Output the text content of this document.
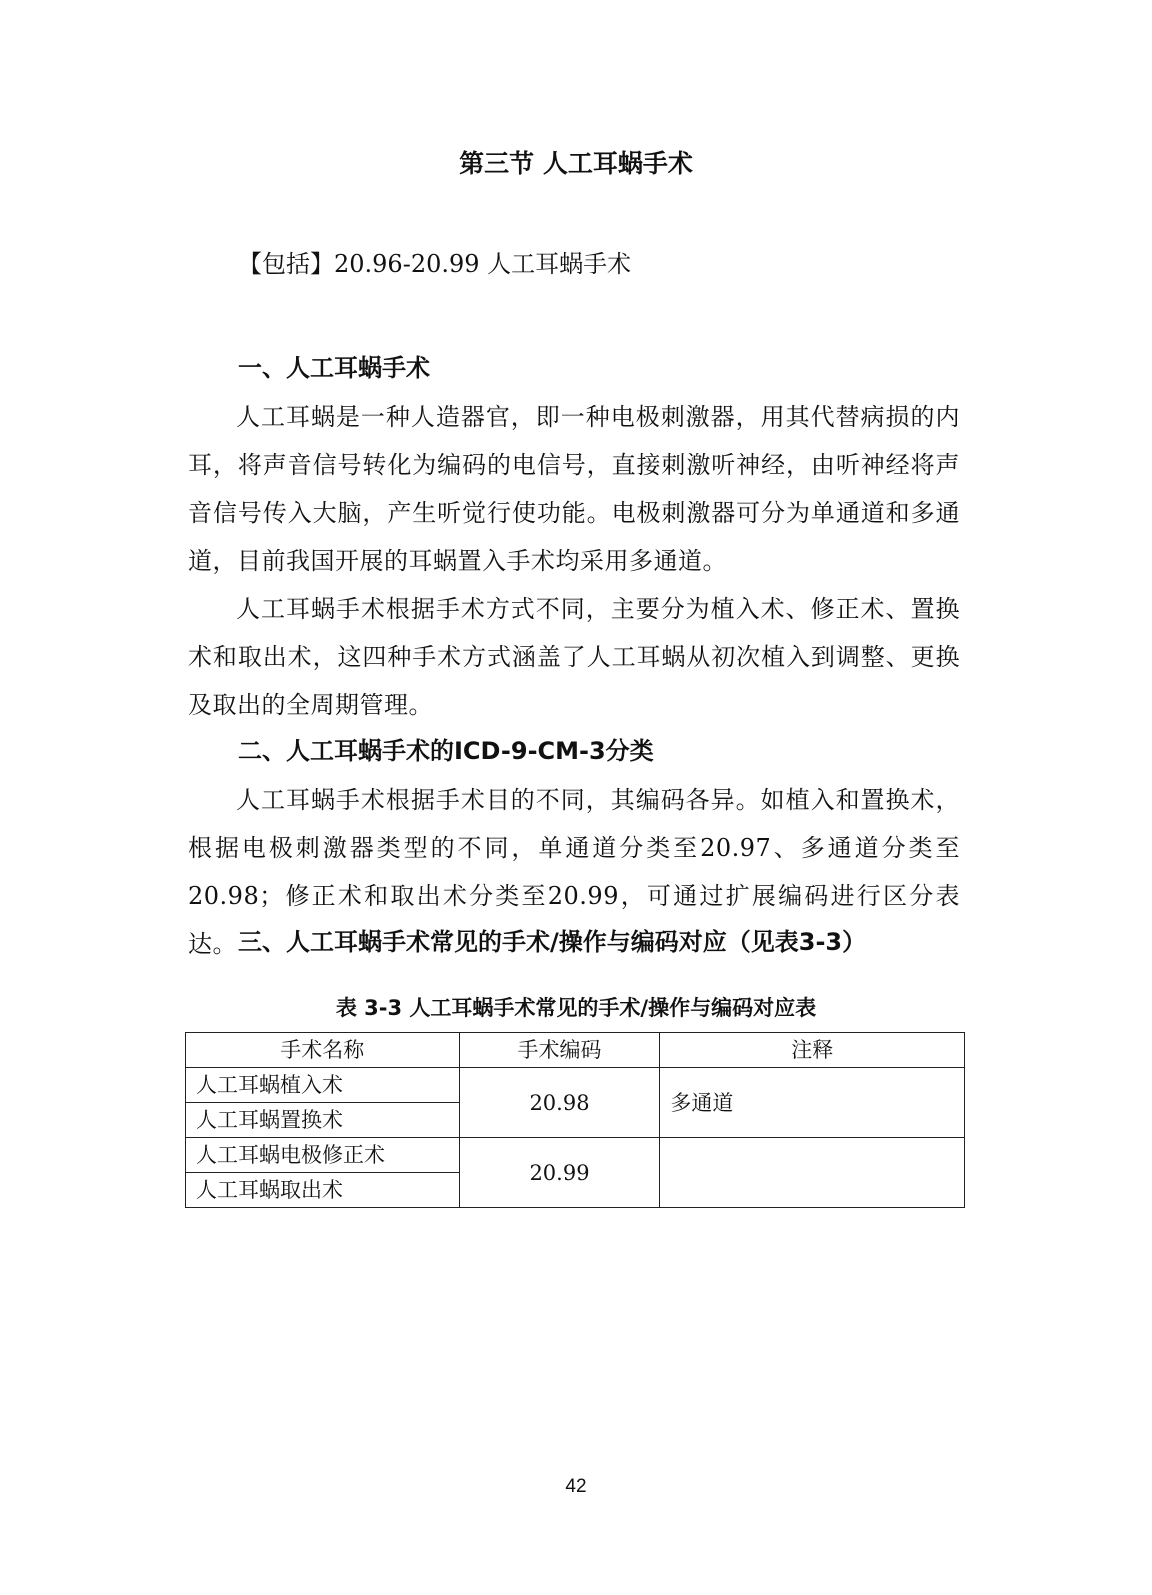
第三节 人工耳蜗手术
【包括】20.96-20.99 人工耳蜗手术
一、人工耳蜗手术
人工耳蜗是一种人造器官，即一种电极刺激器，用其代替病损的内耳，将声音信号转化为编码的电信号，直接刺激听神经，由听神经将声音信号传入大脑，产生听觉行使功能。电极刺激器可分为单通道和多通道，目前我国开展的耳蜗置入手术均采用多通道。
人工耳蜗手术根据手术方式不同，主要分为植入术、修正术、置换术和取出术，这四种手术方式涵盖了人工耳蜗从初次植入到调整、更换及取出的全周期管理。
二、人工耳蜗手术的ICD-9-CM-3分类
人工耳蜗手术根据手术目的不同，其编码各异。如植入和置换术，根据电极刺激器类型的不同，单通道分类至20.97、多通道分类至20.98；修正术和取出术分类至20.99，可通过扩展编码进行区分表达。 三、人工耳蜗手术常见的手术/操作与编码对应（见表3-3）
表 3-3 人工耳蜗手术常见的手术/操作与编码对应表
手术名称	手术编码	注释
人工耳蜗植入术	20.98	多通道
人工耳蜗置换术		
人工耳蜗电极修正术	20.99	
人工耳蜗取出术		
42
